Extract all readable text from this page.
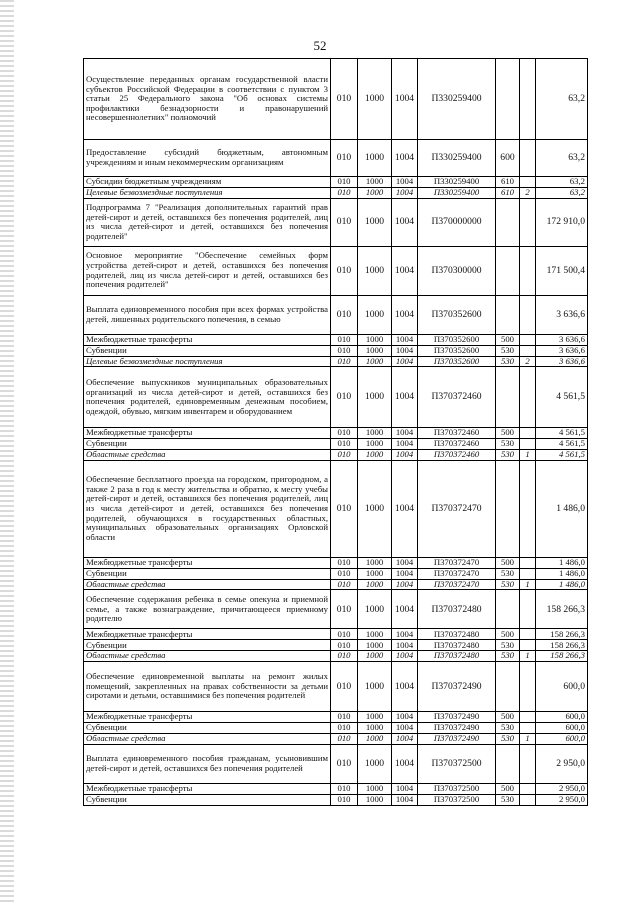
52
Осуществление переданных органам государственной власти субъектов Российской Федерации в соответствии с пунктом 3 статьи 25 Федерального закона "Об основах системы профилактики безнадзорности и правонарушений несовершеннолетних" полномочий	010	1000	1004	П330259400			63,2
Предоставление субсидий бюджетным, автономным учреждениям и иным некоммерческим организациям	010	1000	1004	П330259400	600		63,2
Субсидии бюджетным учреждениям	010	1000	1004	П330259400	610		63,2
Целевые безвозмездные поступления	010	1000	1004	П330259400	610	2	63,2
Подпрограмма 7 "Реализация дополнительных гарантий прав детей-сирот и детей, оставшихся без попечения родителей, лиц из числа детей-сирот и детей, оставшихся без попечения родителей"	010	1000	1004	П370000000			172 910,0
Основное мероприятие "Обеспечение семейных форм устройства детей-сирот и детей, оставшихся без попечения родителей, лиц из числа детей-сирот и детей, оставшихся без попечения родителей"	010	1000	1004	П370300000			171 500,4
Выплата единовременного пособия при всех формах устройства детей, лишенных родительского попечения, в семью	010	1000	1004	П370352600			3 636,6
Межбюджетные трансферты	010	1000	1004	П370352600	500		3 636,6
Субвенции	010	1000	1004	П370352600	530		3 636,6
Целевые безвозмездные поступления	010	1000	1004	П370352600	530	2	3 636,6
Обеспечение выпускников муниципальных образовательных организаций из числа детей-сирот и детей, оставшихся без попечения родителей, единовременным денежным пособием, одеждой, обувью, мягким инвентарем и оборудованием	010	1000	1004	П370372460			4 561,5
Межбюджетные трансферты	010	1000	1004	П370372460	500		4 561,5
Субвенции	010	1000	1004	П370372460	530		4 561,5
Областные средства	010	1000	1004	П370372460	530	1	4 561,5
Обеспечение бесплатного проезда на городском, пригородном, а также 2 раза в год к месту жительства и обратно, к месту учебы детей-сирот и детей, оставшихся без попечения родителей, лиц из числа детей-сирот и детей, оставшихся без попечения родителей, обучающихся в государственных областных, муниципальных образовательных организациях Орловской области	010	1000	1004	П370372470			1 486,0
Межбюджетные трансферты	010	1000	1004	П370372470	500		1 486,0
Субвенции	010	1000	1004	П370372470	530		1 486,0
Областные средства	010	1000	1004	П370372470	530	1	1 486,0
Обеспечение содержания ребенка в семье опекуна и приемной семье, а также вознаграждение, причитающееся приемному родителю	010	1000	1004	П370372480			158 266,3
Межбюджетные трансферты	010	1000	1004	П370372480	500		158 266,3
Субвенции	010	1000	1004	П370372480	530		158 266,3
Областные средства	010	1000	1004	П370372480	530	1	158 266,3
Обеспечение единовременной выплаты на ремонт жилых помещений, закрепленных на правах собственности за детьми сиротами и детьми, оставшимися без попечения родителей	010	1000	1004	П370372490			600,0
Межбюджетные трансферты	010	1000	1004	П370372490	500		600,0
Субвенции	010	1000	1004	П370372490	530		600,0
Областные средства	010	1000	1004	П370372490	530	1	600,0
Выплата единовременного пособия гражданам, усыновившим детей-сирот и детей, оставшихся без попечения родителей	010	1000	1004	П370372500			2 950,0
Межбюджетные трансферты	010	1000	1004	П370372500	500		2 950,0
Субвенции	010	1000	1004	П370372500	530		2 950,0
